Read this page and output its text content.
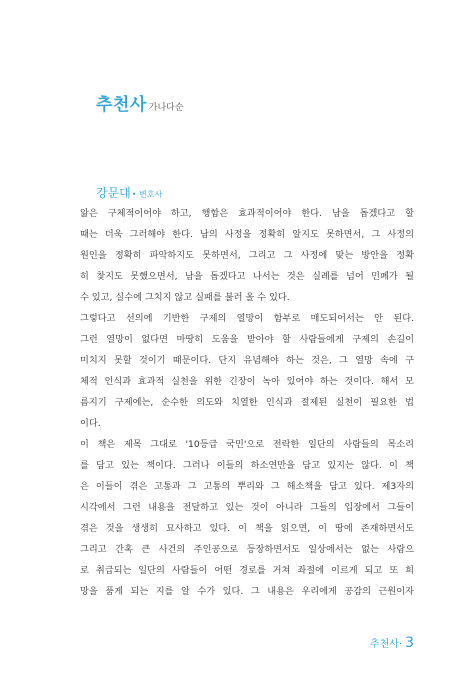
추천사 가나다순
강문대• 변호사
앎은 구체적이어야 하고, 행함은 효과적이어야 한다. 남을 돕겠다고 할
때는 더욱 그러해야 한다. 남의 사정을 정확히 알지도 못하면서, 그 사정의
원인을 정확히 파악하지도 못하면서, 그리고 그 사정에 맞는 방안을 정확
히 찾지도 못했으면서, 남을 돕겠다고 나서는 것은 실례를 넘어 민폐가 될
수 있고, 실수에 그치지 않고 실패를 불러 올 수 있다.
그렇다고 선의에 기반한 구제의 열망이 함부로 매도되어서는 안 된다.
그런 열망이 없다면 마땅히 도움을 받아야 할 사람들에게 구제의 손길이
미치지 못할 것이기 때문이다. 단지 유념해야 하는 것은, 그 열망 속에 구
체적 인식과 효과적 실천을 위한 긴장이 녹아 있어야 하는 것이다. 해서 모
름지기 구제에는, 순수한 의도와 치열한 인식과 절제된 실천이 필요한 법
이다.
이 책은 제목 그대로 '10등급 국민'으로 전락한 일단의 사람들의 목소리
를 담고 있는 책이다. 그러나 이들의 하소연만을 담고 있지는 않다. 이 책
은 이들이 겪은 고통과 그 고통의 뿌리와 그 해소책을 담고 있다. 제3자의
시각에서 그런 내용을 전달하고 있는 것이 아니라 그들의 입장에서 그들이
겪은 것을 생생히 묘사하고 있다. 이 책을 읽으면, 이 땅에 존재하면서도
그리고 간혹 큰 사건의 주인공으로 등장하면서도 일상에서는 없는 사람으
로 취급되는 일단의 사람들이 어떤 경로를 거쳐 좌절에 이르게 되고 또 희
망을 품게 되는 지를 알 수가 있다. 그 내용은 우리에게 공감의 근원이자
추천사· 3
